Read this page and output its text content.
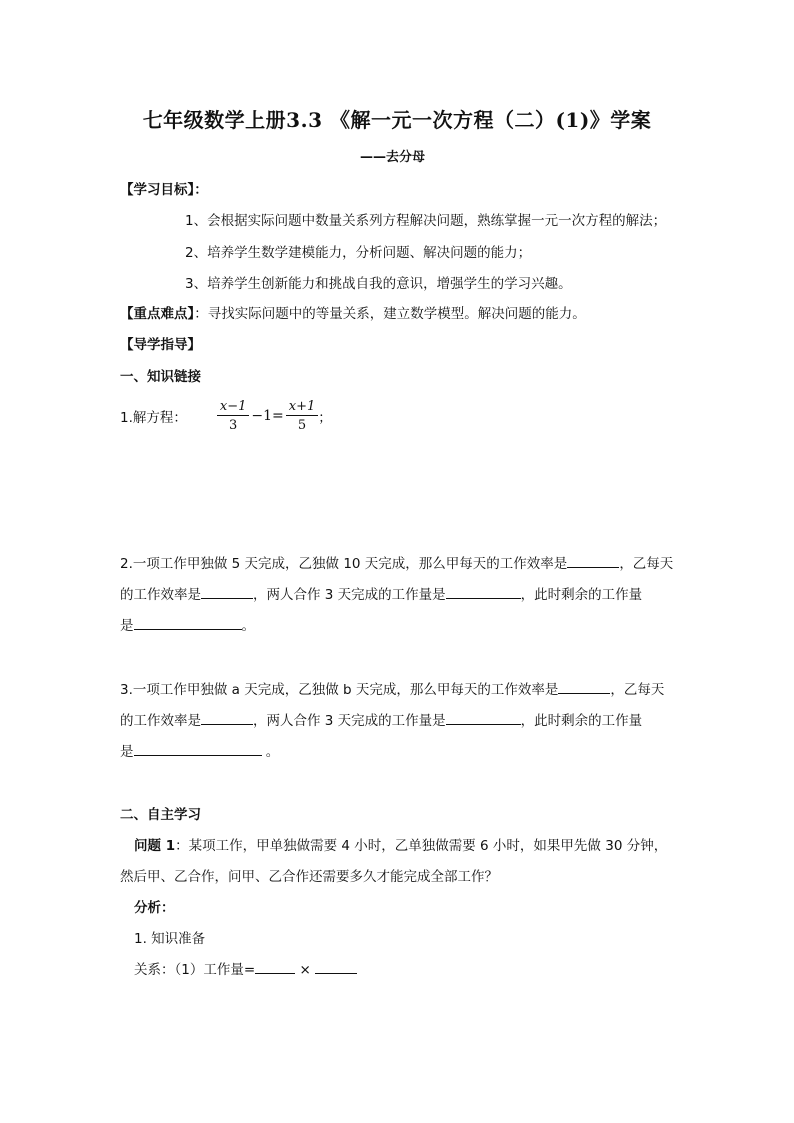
七年级数学上册3.3 《解一元一次方程（二）(1)》学案
——去分母
【学习目标】：
1、会根据实际问题中数量关系列方程解决问题，熟练掌握一元一次方程的解法；
2、培养学生数学建模能力，分析问题、解决问题的能力；
3、培养学生创新能力和挑战自我的意识，增强学生的学习兴趣。
【重点难点】：寻找实际问题中的等量关系，建立数学模型。解决问题的能力。
【导学指导】
一、知识链接
1.解方程： $\frac{x-1}{3} -1= \frac{x+1}{5}$ ；
2.一项工作甲独做 5 天完成，乙独做 10 天完成，那么甲每天的工作效率是	，乙每天
的工作效率是	，两人合作 3 天完成的工作量是	，此时剩余的工作量
是	。
3.一项工作甲独做 a 天完成，乙独做 b 天完成，那么甲每天的工作效率是	，乙每天
的工作效率是	，两人合作 3 天完成的工作量是	，此时剩余的工作量
是	。
二、自主学习
问题 1：某项工作，甲单独做需要 4 小时，乙单独做需要 6 小时，如果甲先做 30 分钟，
然后甲、乙合作，问甲、乙合作还需要多久才能完成全部工作？
分析：
1. 知识准备
关系：（1）工作量=	×
